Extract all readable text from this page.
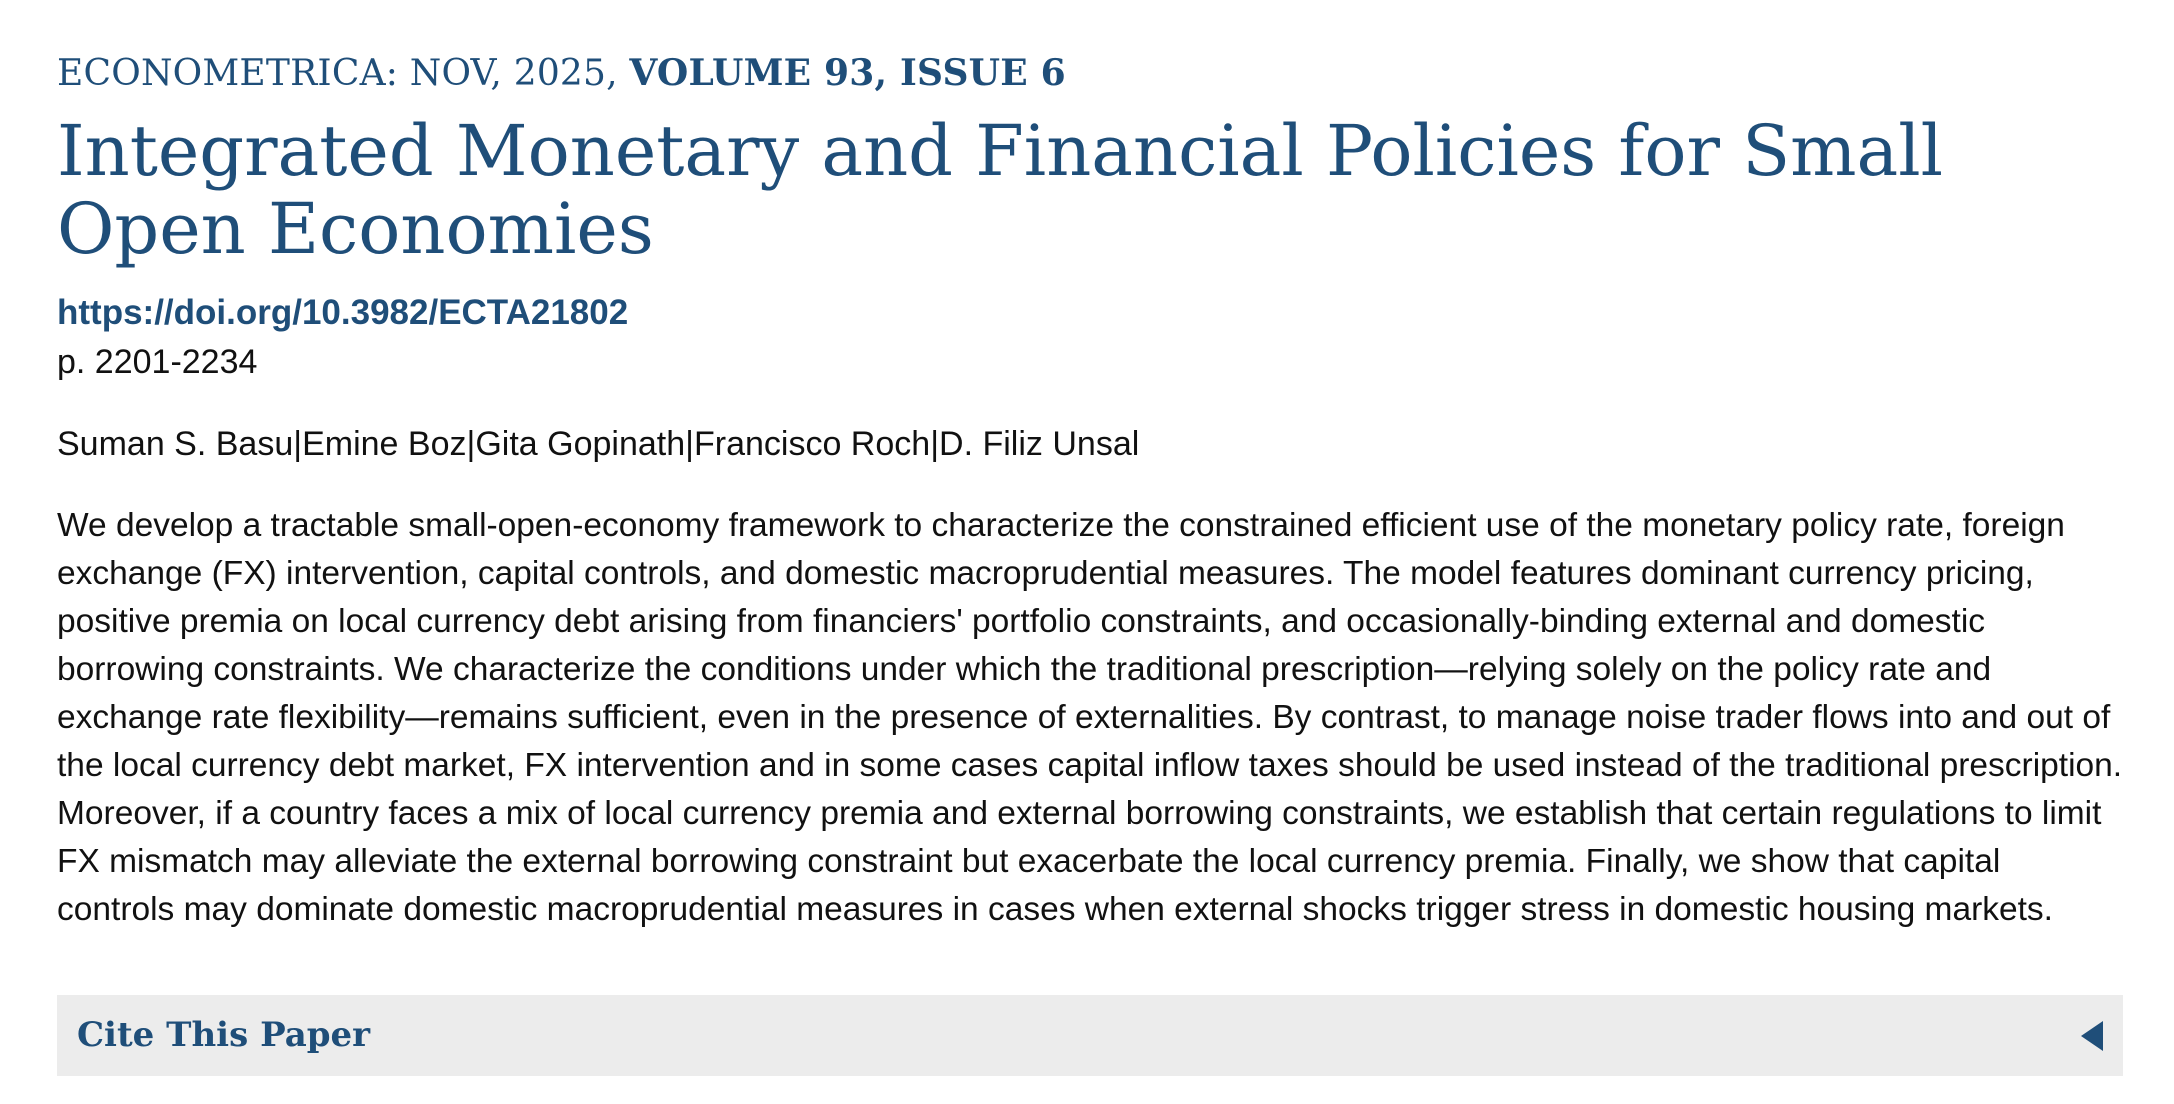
ECONOMETRICA: NOV, 2025, VOLUME 93, ISSUE 6
Integrated Monetary and Financial Policies for Small Open Economies
https://doi.org/10.3982/ECTA21802
p. 2201-2234
Suman S. Basu|Emine Boz|Gita Gopinath|Francisco Roch|D. Filiz Unsal

We develop a tractable small-open-economy framework to characterize the constrained efficient use of the monetary policy rate, foreign exchange (FX) intervention, capital controls, and domestic macroprudential measures. The model features dominant currency pricing, positive premia on local currency debt arising from financiers' portfolio constraints, and occasionally-binding external and domestic borrowing constraints. We characterize the conditions under which the traditional prescription—relying solely on the policy rate and exchange rate flexibility—remains sufficient, even in the presence of externalities. By contrast, to manage noise trader flows into and out of the local currency debt market, FX intervention and in some cases capital inflow taxes should be used instead of the traditional prescription. Moreover, if a country faces a mix of local currency premia and external borrowing constraints, we establish that certain regulations to limit FX mismatch may alleviate the external borrowing constraint but exacerbate the local currency premia. Finally, we show that capital controls may dominate domestic macroprudential measures in cases when external shocks trigger stress in domestic housing markets.

Cite This Paper
